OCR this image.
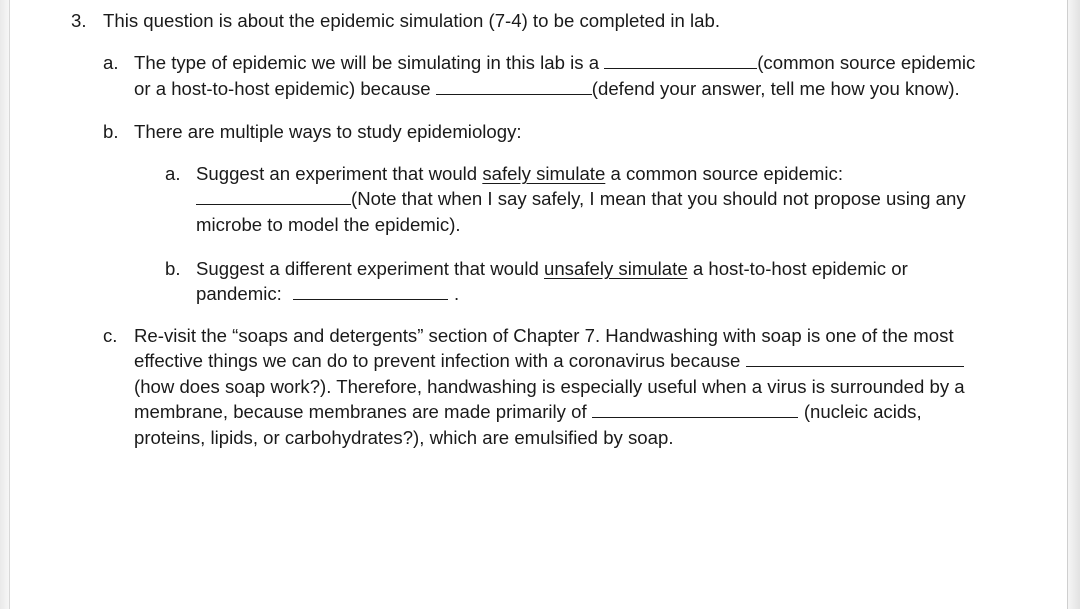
3. This question is about the epidemic simulation (7-4) to be completed in lab.
a. The type of epidemic we will be simulating in this lab is a	(common source epidemic
or a host-to-host epidemic) because	(defend your answer, tell me how you know).
b. There are multiple ways to study epidemiology:
a. Suggest an experiment that would safely simulate a common source epidemic:
(Note that when I say safely, I mean that you should not propose using any
microbe to model the epidemic).
b. Suggest a different experiment that would unsafely simulate a host-to-host epidemic or
pandemic:	.
c. Re-visit the “soaps and detergents” section of Chapter 7. Handwashing with soap is one of the most
effective things we can do to prevent infection with a coronavirus because
(how does soap work?). Therefore, handwashing is especially useful when a virus is surrounded by a
membrane, because membranes are made primarily of	(nucleic acids,
proteins, lipids, or carbohydrates?), which are emulsified by soap.
